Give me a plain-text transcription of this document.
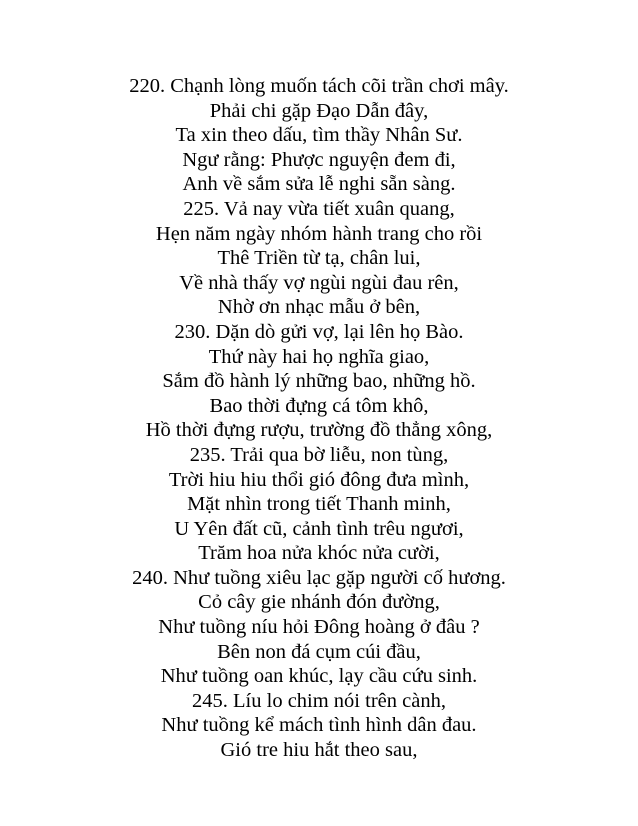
220. Chạnh lòng muốn tách cõi trần chơi mây.
Phải chi gặp Đạo Dẫn đây,
Ta xin theo dấu, tìm thầy Nhân Sư.
Ngư rằng: Phược nguyện đem đi,
Anh về sắm sửa lễ nghi sẵn sàng.
225. Vả nay vừa tiết xuân quang,
Hẹn năm ngày nhóm hành trang cho rồi
Thê Triền từ tạ, chân lui,
Về nhà thấy vợ ngùi ngùi đau rên,
Nhờ ơn nhạc mẫu ở bên,
230. Dặn dò gửi vợ, lại lên họ Bào.
Thứ này hai họ nghĩa giao,
Sắm đồ hành lý những bao, những hồ.
Bao thời đựng cá tôm khô,
Hồ thời đựng rượu, trường đồ thẳng xông,
235. Trải qua bờ liễu, non tùng,
Trời hiu hiu thổi gió đông đưa mình,
Mặt nhìn trong tiết Thanh minh,
U Yên đất cũ, cảnh tình trêu ngươi,
Trăm hoa nửa khóc nửa cười,
240. Như tuồng xiêu lạc gặp người cố hương.
Cỏ cây gie nhánh đón đường,
Như tuồng níu hỏi Đông hoàng ở đâu ?
Bên non đá cụm cúi đầu,
Như tuồng oan khúc, lạy cầu cứu sinh.
245. Líu lo chim nói trên cành,
Như tuồng kể mách tình hình dân đau.
Gió tre hiu hắt theo sau,
